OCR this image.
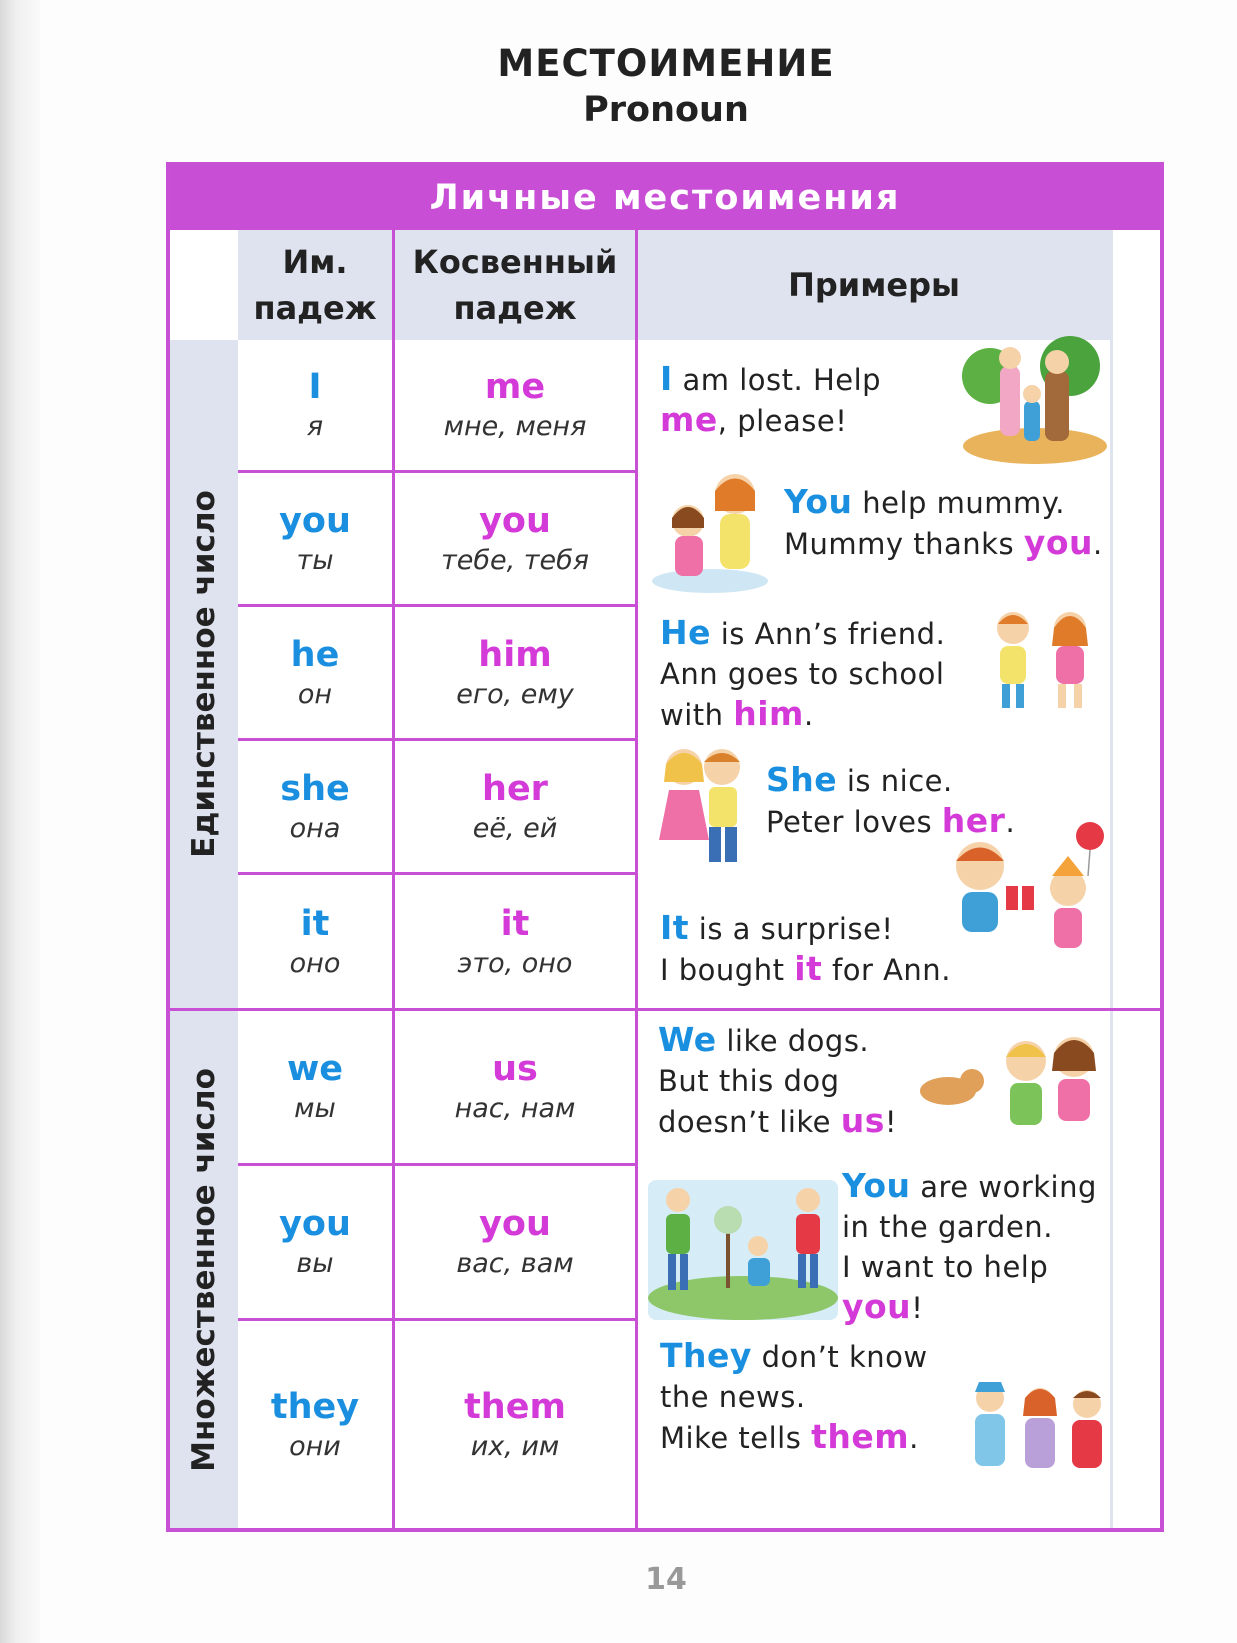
МЕСТОИМЕНИЕ
Pronoun
Личные местоимения
Им.
падеж
Косвенный
падеж
Примеры
Единственное число
Множественное число
I
я
me
мне, меня
you
ты
you
тебе, тебя
he
он
him
его, ему
she
она
her
её, ей
it
оно
it
это, оно
we
мы
us
нас, нам
you
вы
you
вас, вам
they
они
them
их, им

I am lost. Help

me, please!

You help mummy.

Mummy thanks you.

He is Ann’s friend.

Ann goes to school

with him.

She is nice.

Peter loves her.

It is a surprise!

I bought it for Ann.

We like dogs.

But this dog

doesn’t like us!

You are working

in the garden.

I want to help

you!

They don’t know

the news.

Mike tells them.

14
